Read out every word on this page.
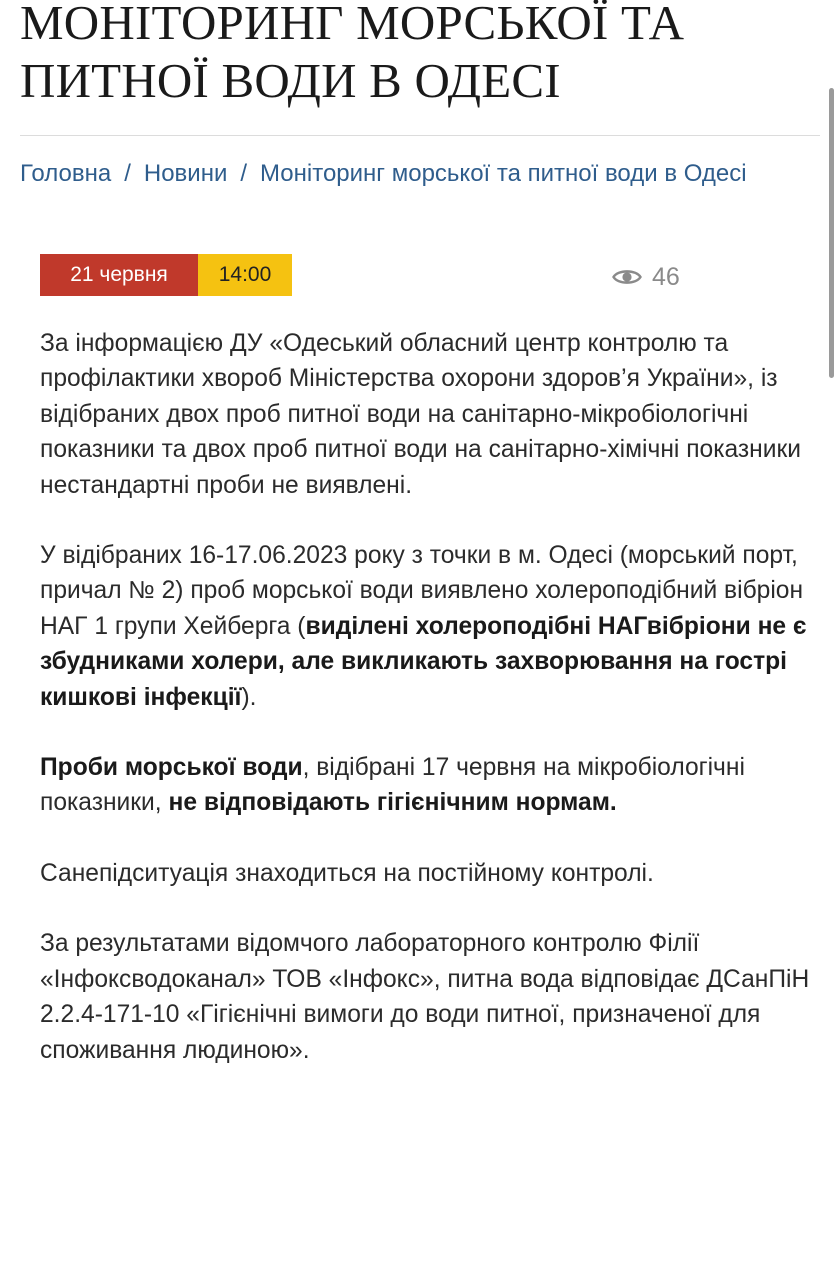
МОНІТОРИНГ МОРСЬКОЇ ТА
ПИТНОЇ ВОДИ В ОДЕСІ
Головна / Новини / Моніторинг морської та питної води в Одесі
21 червня	14:00	46

За інформацією ДУ «Одеський обласний центр контролю та профілактики хвороб Міністерства охорони здоров’я України», із відібраних двох проб питної води на санітарно-мікробіологічні показники та двох проб питної води на санітарно-хімічні показники нестандартні проби не виявлені.

У відібраних 16-17.06.2023 року з точки в м. Одесі (морський порт, причал № 2) проб морської води виявлено холероподібний вібріон НАГ 1 групи Хейберга (виділені холероподібні НАГвібріони не є збудниками холери, але викликають захворювання на гострі кишкові інфекції).

Проби морської води, відібрані 17 червня на мікробіологічні показники, не відповідають гігієнічним нормам.

Санепідситуація знаходиться на постійному контролі.

За результатами відомчого лабораторного контролю Філії «Інфоксводоканал» ТОВ «Інфокс», питна вода відповідає ДСанПіН 2.2.4-171-10 «Гігієнічні вимоги до води питної, призначеної для споживання людиною».
